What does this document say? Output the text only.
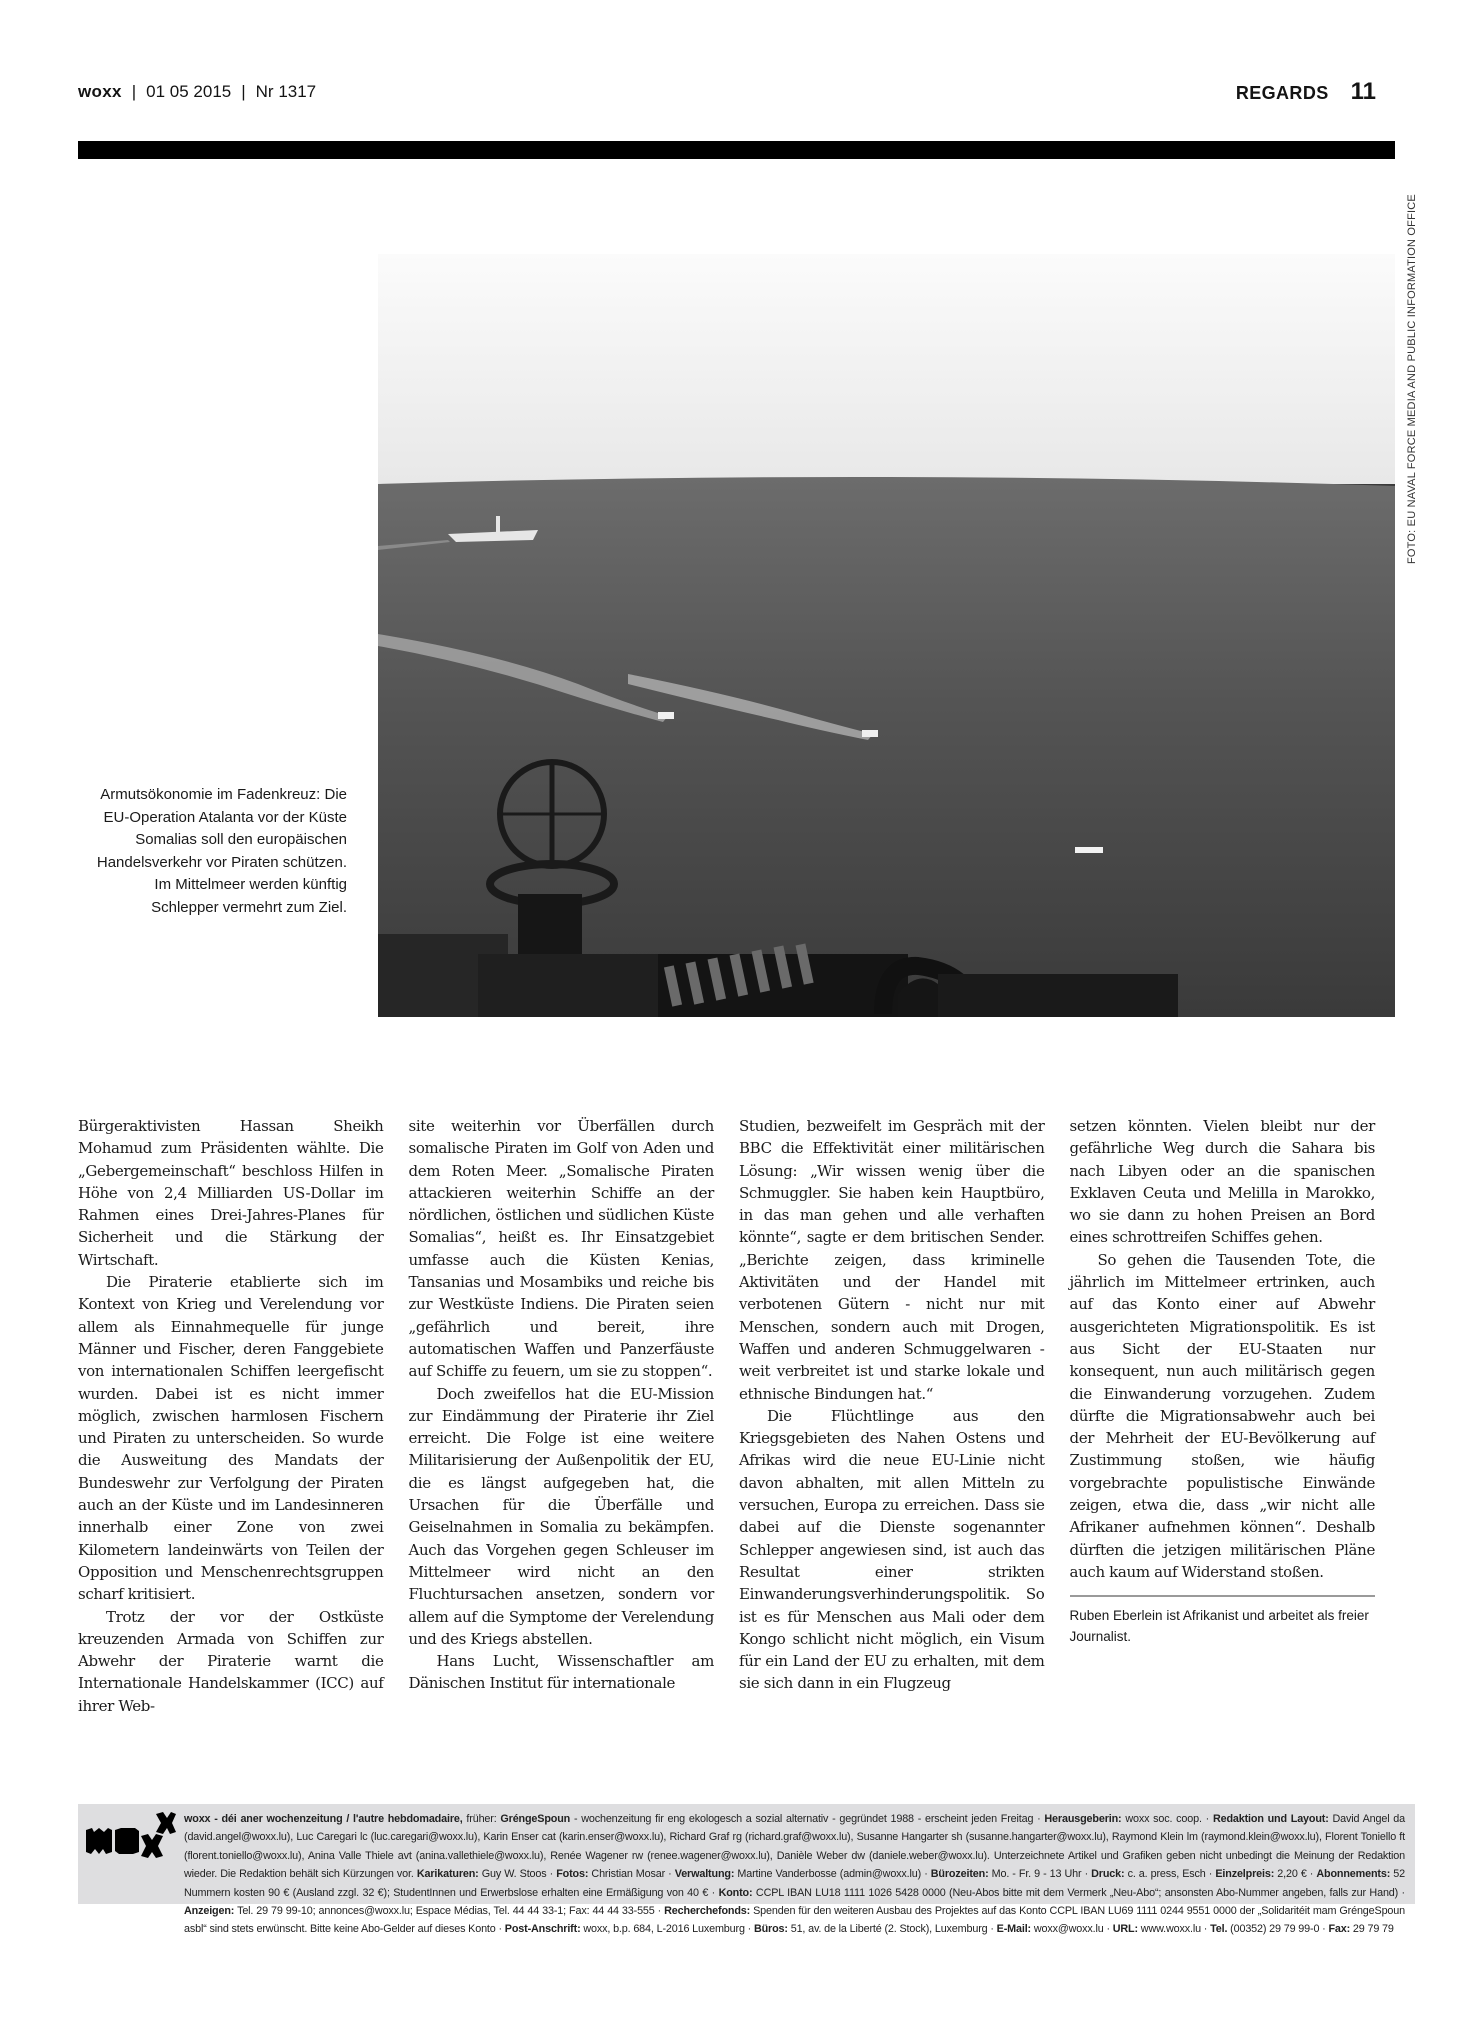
woxx | 01 05 2015 | Nr 1317	REGARDS 11
FOTO: EU NAVAL FORCE MEDIA AND PUBLIC INFORMATION OFFICE
Armutsökonomie im Fadenkreuz: Die EU-Operation Atalanta vor der Küste Somalias soll den europäischen Handelsverkehr vor Piraten schützen. Im Mittelmeer werden künftig Schlepper vermehrt zum Ziel.

Bürgeraktivisten Hassan Sheikh Mohamud zum Präsidenten wählte. Die „Gebergemeinschaft“ beschloss Hilfen in Höhe von 2,4 Milliarden US-Dollar im Rahmen eines Drei-Jahres-Planes für Sicherheit und die Stärkung der Wirtschaft.

Die Piraterie etablierte sich im Kontext von Krieg und Verelendung vor allem als Einnahmequelle für junge Männer und Fischer, deren Fanggebiete von internationalen Schiffen leergefischt wurden. Dabei ist es nicht immer möglich, zwischen harmlosen Fischern und Piraten zu unterscheiden. So wurde die Ausweitung des Mandats der Bundeswehr zur Verfolgung der Piraten auch an der Küste und im Landesinneren innerhalb einer Zone von zwei Kilometern landeinwärts von Teilen der Opposition und Menschenrechtsgruppen scharf kritisiert.

Trotz der vor der Ostküste kreuzenden Armada von Schiffen zur Abwehr der Piraterie warnt die Internationale Handelskammer (ICC) auf ihrer Web-

site weiterhin vor Überfällen durch somalische Piraten im Golf von Aden und dem Roten Meer. „Somalische Piraten attackieren weiterhin Schiffe an der nördlichen, östlichen und südlichen Küste Somalias“, heißt es. Ihr Einsatzgebiet umfasse auch die Küsten Kenias, Tansanias und Mosambiks und reiche bis zur Westküste Indiens. Die Piraten seien „gefährlich und bereit, ihre automatischen Waffen und Panzerfäuste auf Schiffe zu feuern, um sie zu stoppen“.

Doch zweifellos hat die EU-Mission zur Eindämmung der Piraterie ihr Ziel erreicht. Die Folge ist eine weitere Militarisierung der Außenpolitik der EU, die es längst aufgegeben hat, die Ursachen für die Überfälle und Geiselnahmen in Somalia zu bekämpfen. Auch das Vorgehen gegen Schleuser im Mittelmeer wird nicht an den Fluchtursachen ansetzen, sondern vor allem auf die Symptome der Verelendung und des Kriegs abstellen.

Hans Lucht, Wissenschaftler am Dänischen Institut für internationale

Studien, bezweifelt im Gespräch mit der BBC die Effektivität einer militärischen Lösung: „Wir wissen wenig über die Schmuggler. Sie haben kein Hauptbüro, in das man gehen und alle verhaften könnte“, sagte er dem britischen Sender. „Berichte zeigen, dass kriminelle Aktivitäten und der Handel mit verbotenen Gütern - nicht nur mit Menschen, sondern auch mit Drogen, Waffen und anderen Schmuggelwaren - weit verbreitet ist und starke lokale und ethnische Bindungen hat.“

Die Flüchtlinge aus den Kriegsgebieten des Nahen Ostens und Afrikas wird die neue EU-Linie nicht davon abhalten, mit allen Mitteln zu versuchen, Europa zu erreichen. Dass sie dabei auf die Dienste sogenannter Schlepper angewiesen sind, ist auch das Resultat einer strikten Einwanderungsverhinderungspolitik. So ist es für Menschen aus Mali oder dem Kongo schlicht nicht möglich, ein Visum für ein Land der EU zu erhalten, mit dem sie sich dann in ein Flugzeug

setzen könnten. Vielen bleibt nur der gefährliche Weg durch die Sahara bis nach Libyen oder an die spanischen Exklaven Ceuta und Melilla in Marokko, wo sie dann zu hohen Preisen an Bord eines schrottreifen Schiffes gehen.

So gehen die Tausenden Tote, die jährlich im Mittelmeer ertrinken, auch auf das Konto einer auf Abwehr ausgerichteten Migrationspolitik. Es ist aus Sicht der EU-Staaten nur konsequent, nun auch militärisch gegen die Einwanderung vorzugehen. Zudem dürfte die Migrationsabwehr auch bei der Mehrheit der EU-Bevölkerung auf Zustimmung stoßen, wie häufig vorgebrachte populistische Einwände zeigen, etwa die, dass „wir nicht alle Afrikaner aufnehmen können“. Deshalb dürften die jetzigen militärischen Pläne auch kaum auf Widerstand stoßen.

Ruben Eberlein ist Afrikanist und arbeitet als freier Journalist.
woxx - déi aner wochenzeitung / l'autre hebdomadaire, früher: GréngeSpoun - wochenzeitung fir eng ekologesch a sozial alternativ - gegründet 1988 - erscheint jeden Freitag · Herausgeberin: woxx soc. coop. · Redaktion und Layout: David Angel da (david.angel@woxx.lu), Luc Caregari lc (luc.caregari@woxx.lu), Karin Enser cat (karin.enser@woxx.lu), Richard Graf rg (richard.graf@woxx.lu), Susanne Hangarter sh (susanne.hangarter@woxx.lu), Raymond Klein lm (raymond.klein@woxx.lu), Florent Toniello ft (florent.toniello@woxx.lu), Anina Valle Thiele avt (anina.vallethiele@woxx.lu), Renée Wagener rw (renee.wagener@woxx.lu), Danièle Weber dw (daniele.weber@woxx.lu). Unterzeichnete Artikel und Grafiken geben nicht unbedingt die Meinung der Redaktion wieder. Die Redaktion behält sich Kürzungen vor. Karikaturen: Guy W. Stoos · Fotos: Christian Mosar · Verwaltung: Martine Vanderbosse (admin@woxx.lu) · Bürozeiten: Mo. - Fr. 9 - 13 Uhr · Druck: c. a. press, Esch · Einzelpreis: 2,20 € · Abonnements: 52 Nummern kosten 90 € (Ausland zzgl. 32 €); StudentInnen und Erwerbslose erhalten eine Ermäßigung von 40 € · Konto: CCPL IBAN LU18 1111 1026 5428 0000 (Neu-Abos bitte mit dem Vermerk „Neu-Abo“; ansonsten Abo-Nummer angeben, falls zur Hand) · Anzeigen: Tel. 29 79 99-10; annonces@woxx.lu; Espace Médias, Tel. 44 44 33-1; Fax: 44 44 33-555 · Recherchefonds: Spenden für den weiteren Ausbau des Projektes auf das Konto CCPL IBAN LU69 1111 0244 9551 0000 der „Solidaritéit mam GréngeSpoun asbl“ sind stets erwünscht. Bitte keine Abo-Gelder auf dieses Konto · Post-Anschrift: woxx, b.p. 684, L-2016 Luxemburg · Büros: 51, av. de la Liberté (2. Stock), Luxemburg · E-Mail: woxx@woxx.lu · URL: www.woxx.lu · Tel. (00352) 29 79 99-0 · Fax: 29 79 79
